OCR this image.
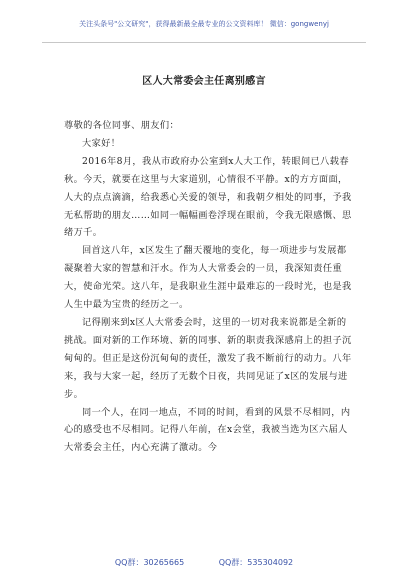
关注头条号"公文研究"，获得最新最全最专业的公文资料库！ 微信：gongwenyj
区人大常委会主任离别感言

尊敬的各位同事、朋友们：

大家好！

2016年8月，我从市政府办公室到x人大工作，转眼间已八载春秋。今天，就要在这里与大家道别，心情很不平静。x的方方面面，人大的点点滴滴，给我悉心关爱的领导，和我朝夕相处的同事，予我无私帮助的朋友……如同一幅幅画卷浮现在眼前，令我无限感慨、思绪万千。

回首这八年，x区发生了翻天覆地的变化，每一项进步与发展都凝聚着大家的智慧和汗水。作为人大常委会的一员，我深知责任重大，使命光荣。这八年，是我职业生涯中最难忘的一段时光，也是我人生中最为宝贵的经历之一。

记得刚来到x区人大常委会时，这里的一切对我来说都是全新的挑战。面对新的工作环境、新的同事、新的职责我深感肩上的担子沉甸甸的。但正是这份沉甸甸的责任，激发了我不断前行的动力。八年来，我与大家一起，经历了无数个日夜，共同见证了x区的发展与进步。

同一个人，在同一地点，不同的时间，看到的风景不尽相同，内心的感受也不尽相同。记得八年前，在x会堂，我被当选为区六届人大常委会主任，内心充满了激动。今

QQ群：30265665	QQ群：535304092
